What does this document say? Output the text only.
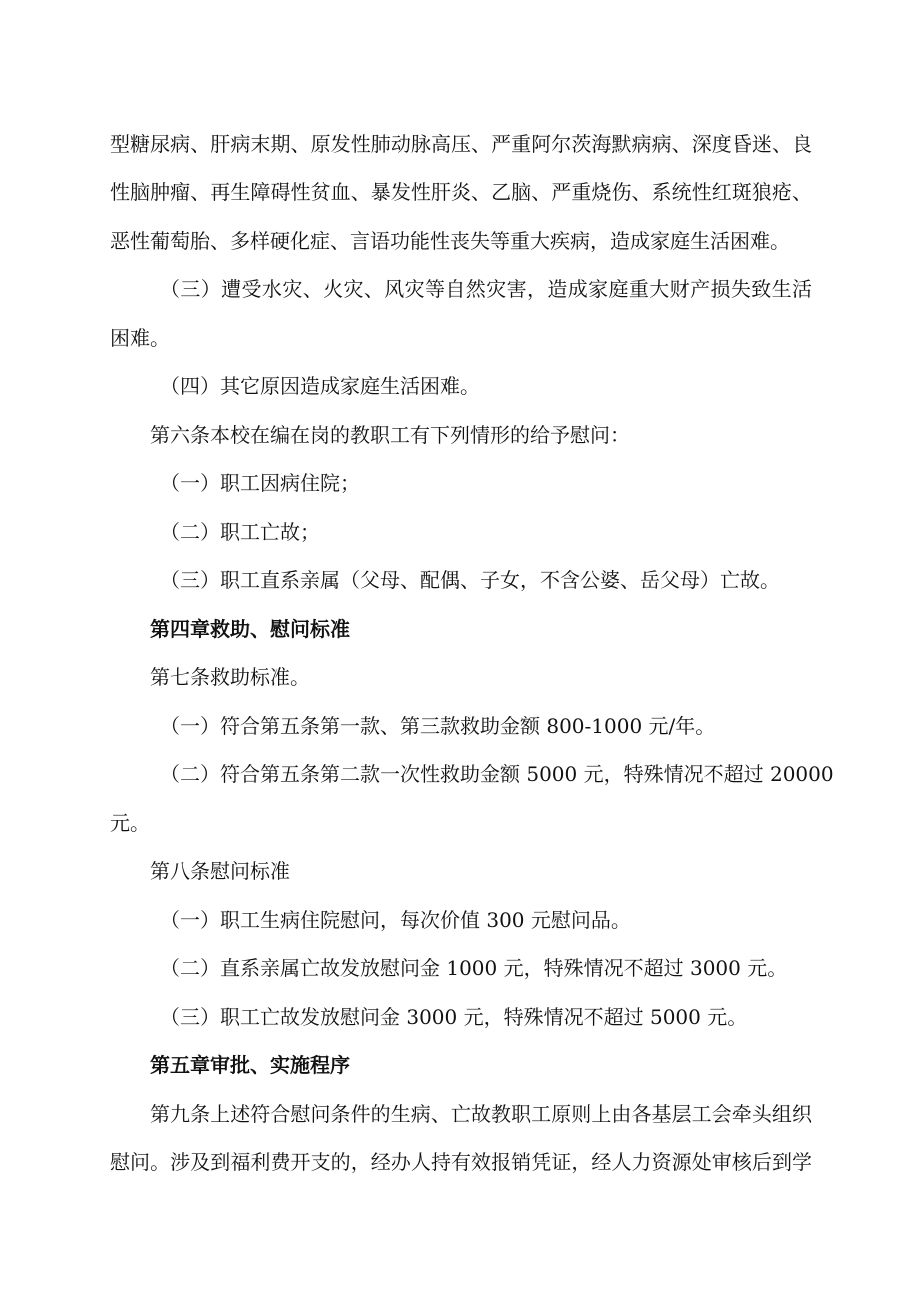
型糖尿病、肝病末期、原发性肺动脉高压、严重阿尔茨海默病病、深度昏迷、良
性脑肿瘤、再生障碍性贫血、暴发性肝炎、乙脑、严重烧伤、系统性红斑狼疮、
恶性葡萄胎、多样硬化症、言语功能性丧失等重大疾病，造成家庭生活困难。
（三）遭受水灾、火灾、风灾等自然灾害，造成家庭重大财产损失致生活
困难。
（四）其它原因造成家庭生活困难。
第六条本校在编在岗的教职工有下列情形的给予慰问：
（一）职工因病住院；
（二）职工亡故；
（三）职工直系亲属（父母、配偶、子女，不含公婆、岳父母）亡故。
第四章救助、慰问标准
第七条救助标准。
（一）符合第五条第一款、第三款救助金额 800-1000 元/年。
（二）符合第五条第二款一次性救助金额 5000 元，特殊情况不超过 20000
元。
第八条慰问标准
（一）职工生病住院慰问，每次价值 300 元慰问品。
（二）直系亲属亡故发放慰问金 1000 元，特殊情况不超过 3000 元。
（三）职工亡故发放慰问金 3000 元，特殊情况不超过 5000 元。
第五章审批、实施程序
第九条上述符合慰问条件的生病、亡故教职工原则上由各基层工会牵头组织
慰问。涉及到福利费开支的，经办人持有效报销凭证，经人力资源处审核后到学
